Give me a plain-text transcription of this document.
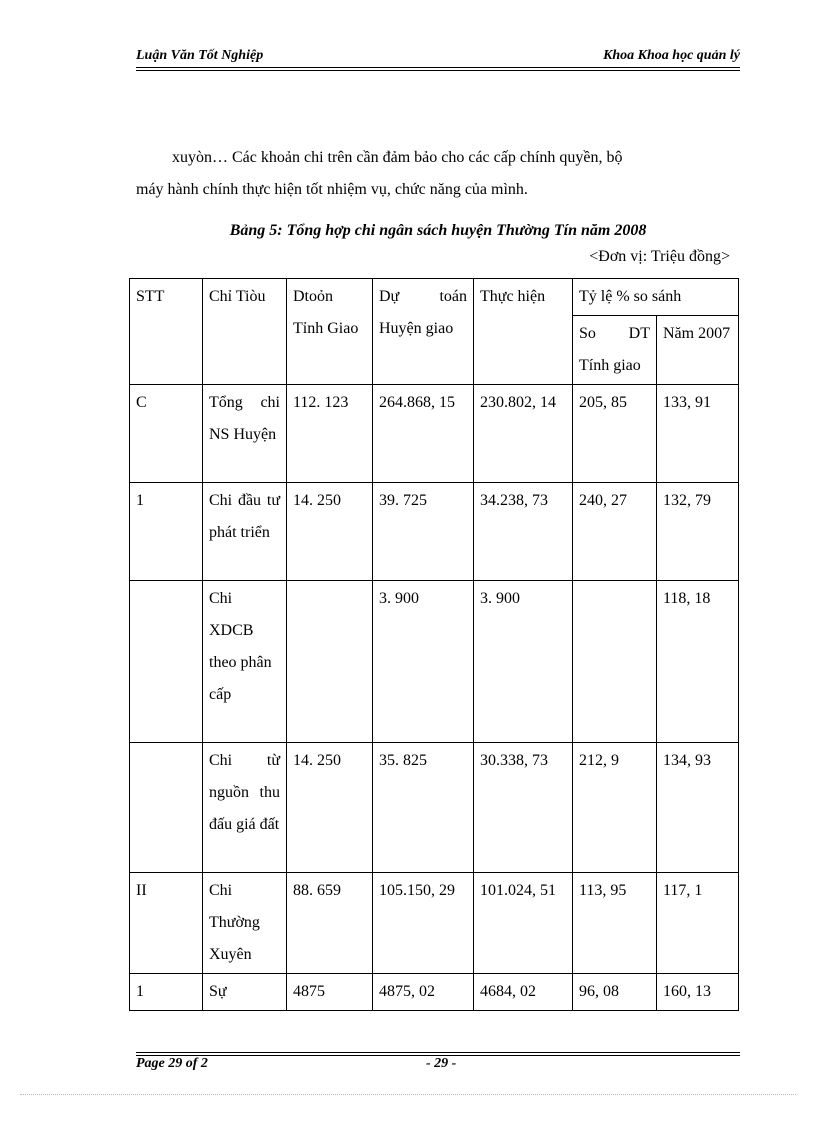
Luận Văn Tốt Nghiệp	Khoa Khoa học quản lý
xuyòn… Các khoản chi trên cần đảm bảo cho các cấp chính quyền, bộ
máy hành chính thực hiện tốt nhiệm vụ, chức năng của mình.
Bảng 5: Tổng hợp chi ngân sách huyện Thường Tín năm 2008
<Đơn vị: Triệu đồng>
STT	Chỉ Tiòu	Dtoỏn Tỉnh Giao	Dự toán Huyện giao	Thực hiện	Tỷ lệ % so sánh	
					So DT Tính giao	Năm 2007
C	Tổng chi NS Huyện	112. 123	264.868, 15	230.802, 14	205, 85	133, 91
1	Chi đầu tư phát triển	14. 250	39. 725	34.238, 73	240, 27	132, 79
	Chi XDCB theo phân cấp		3. 900	3. 900		118, 18
	Chi từ nguồn thu đấu giá đất	14. 250	35. 825	30.338, 73	212, 9	134, 93
II	Chi Thường Xuyên	88. 659	105.150, 29	101.024, 51	113, 95	117, 1
1	Sự	4875	4875, 02	4684, 02	96, 08	160, 13
Page 29 of 2	- 29 -
